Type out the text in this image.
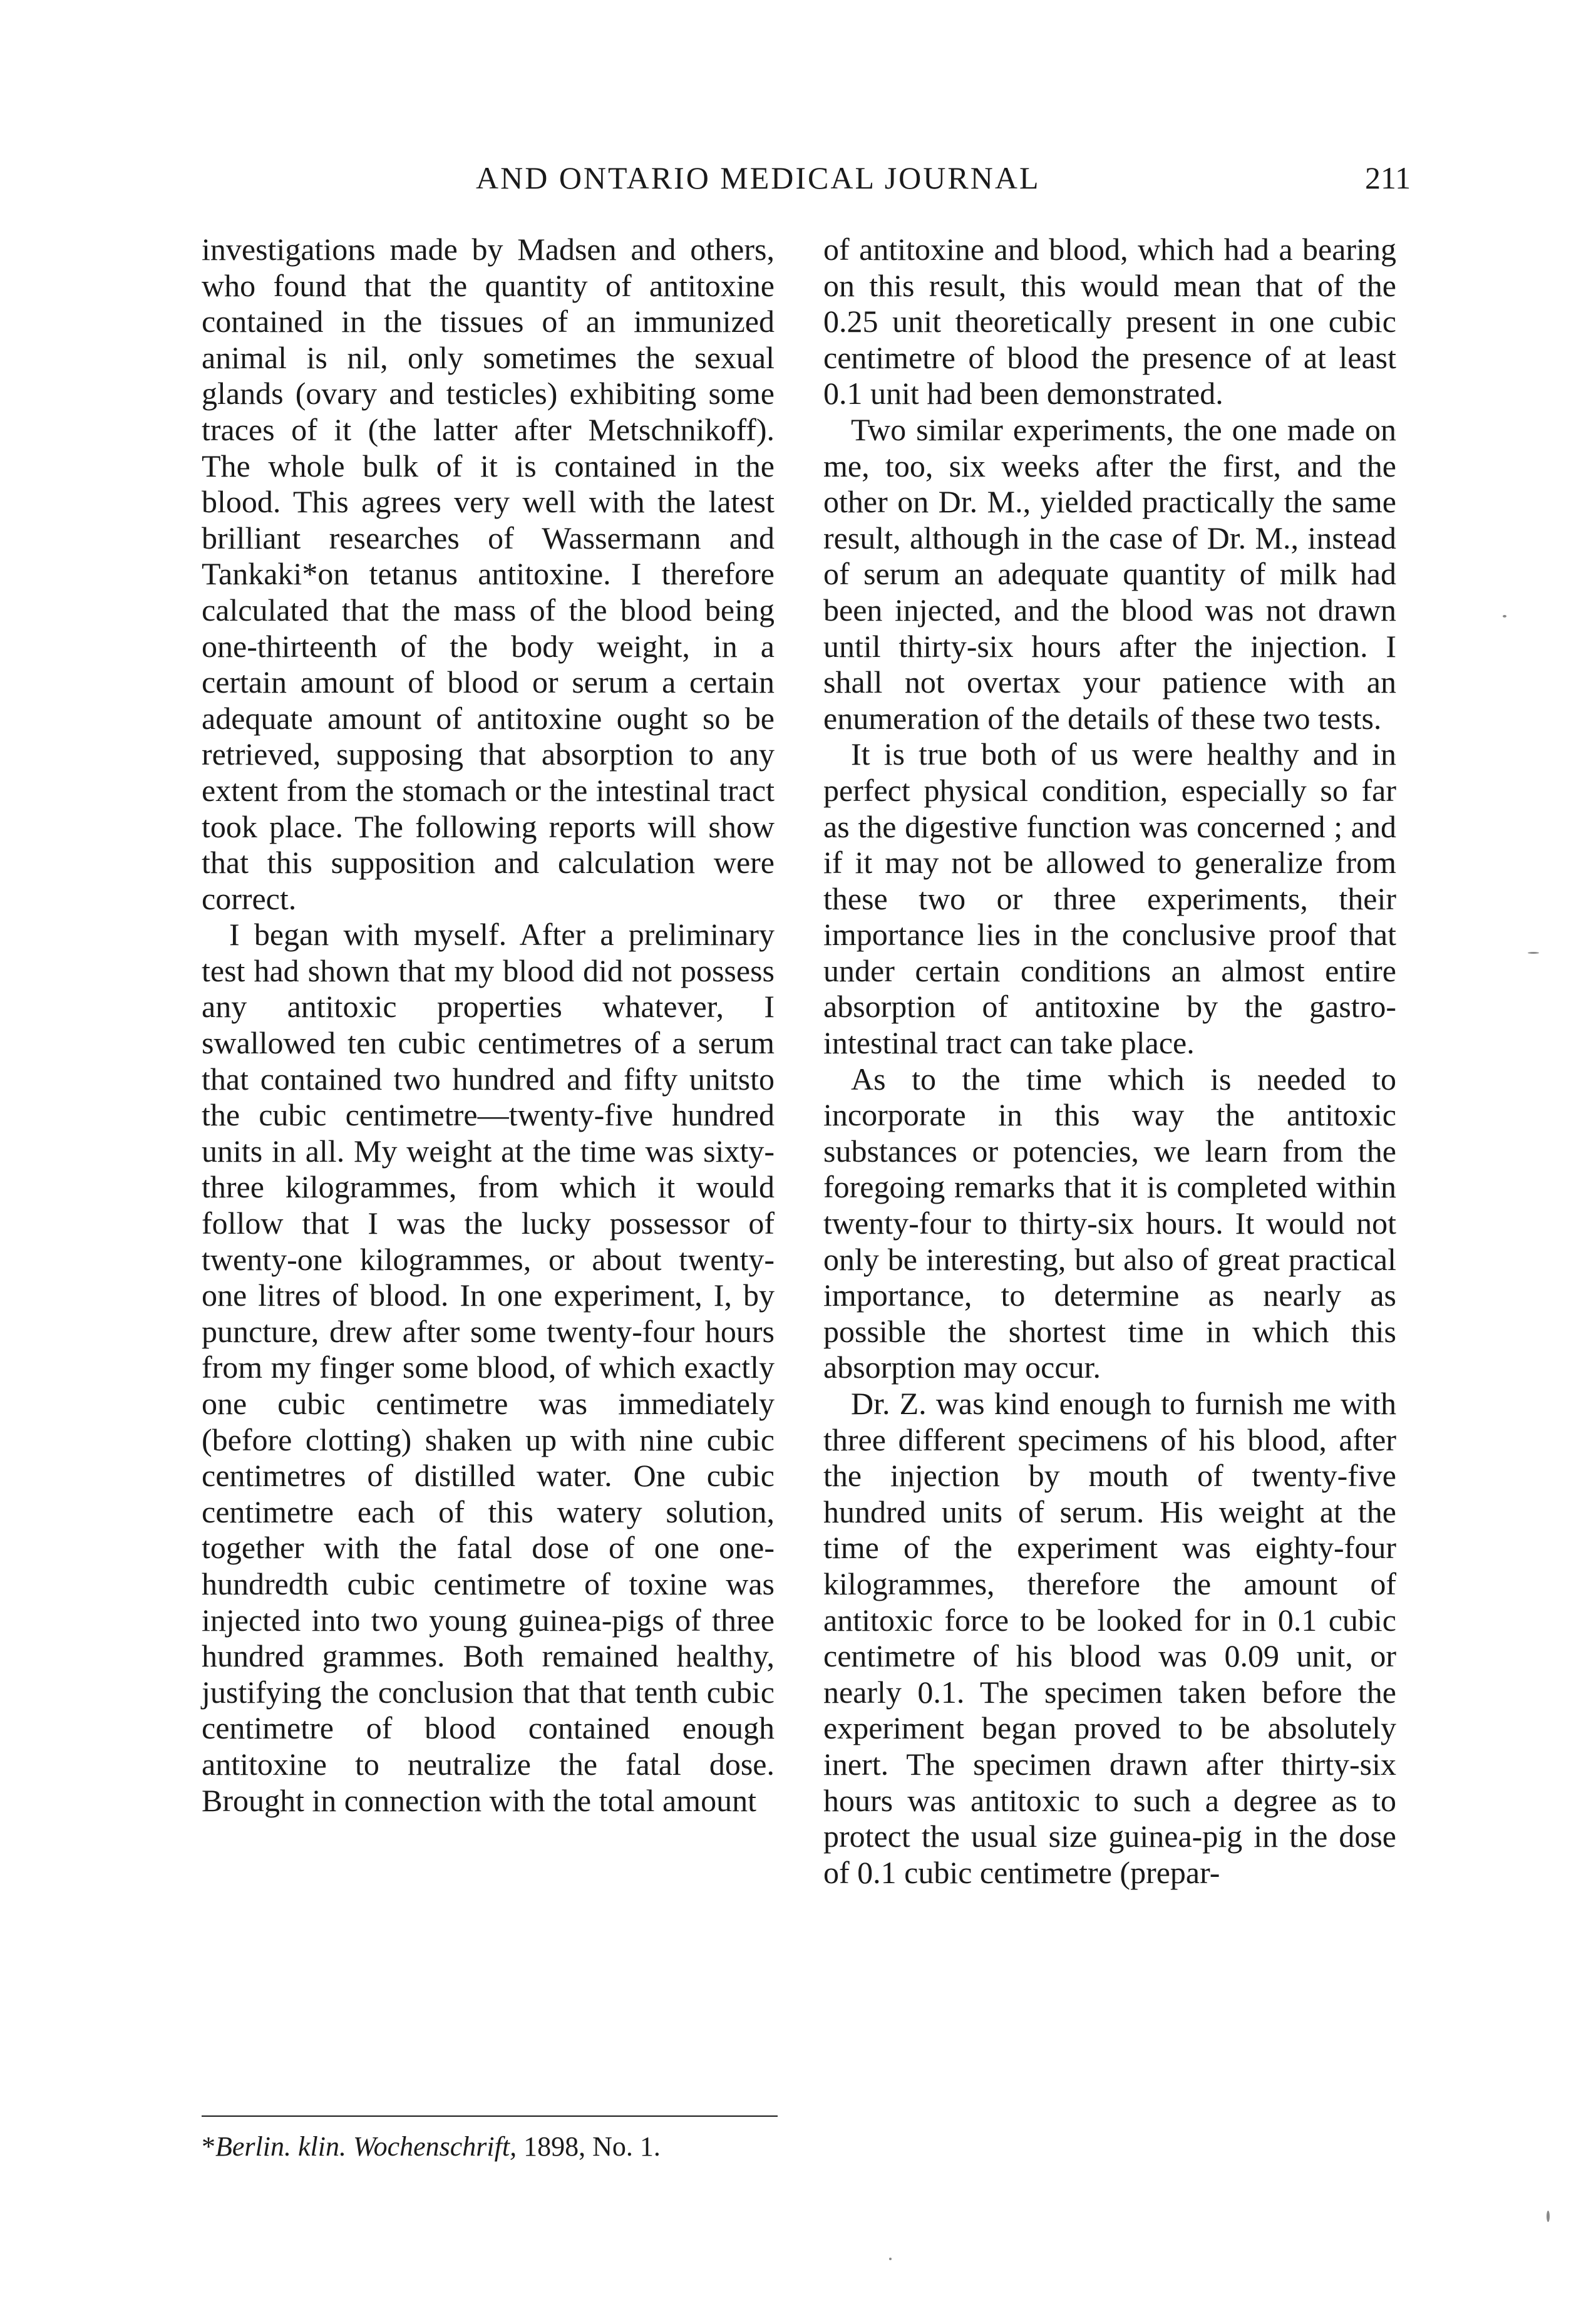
AND ONTARIO MEDICAL JOURNAL	211

investigations made by Madsen and others, who found that the quantity of antitoxine contained in the tissues of an immunized animal is nil, only sometimes the sexual glands (ovary and testicles) exhibiting some traces of it (the latter after Metschnikoff). The whole bulk of it is contained in the blood. This agrees very well with the latest brilliant researches of Wassermann and Tankaki*on tetanus antitoxine. I therefore calculated that the mass of the blood being one-thirteenth of the body weight, in a certain amount of blood or serum a certain adequate amount of antitoxine ought so be retrieved, supposing that absorption to any extent from the stomach or the intestinal tract took place. The following reports will show that this supposition and calculation were correct.

I began with myself. After a preliminary test had shown that my blood did not possess any antitoxic properties whatever, I swallowed ten cubic centimetres of a serum that contained two hundred and fifty unitsto the cubic centimetre—twenty-five hundred units in all. My weight at the time was sixty-three kilogrammes, from which it would follow that I was the lucky possessor of twenty-one kilogrammes, or about twenty-one litres of blood. In one experiment, I, by puncture, drew after some twenty-four hours from my finger some blood, of which exactly one cubic centimetre was immediately (before clotting) shaken up with nine cubic centimetres of distilled water. One cubic centimetre each of this watery solution, together with the fatal dose of one one-hundredth cubic centimetre of toxine was injected into two young guinea-pigs of three hundred grammes. Both remained healthy, justifying the conclusion that that tenth cubic centimetre of blood contained enough antitoxine to neutralize the fatal dose. Brought in connection with the total amount

of antitoxine and blood, which had a bearing on this result, this would mean that of the 0.25 unit theoretically present in one cubic centimetre of blood the presence of at least 0.1 unit had been demonstrated.

Two similar experiments, the one made on me, too, six weeks after the first, and the other on Dr. M., yielded practically the same result, although in the case of Dr. M., instead of serum an adequate quantity of milk had been injected, and the blood was not drawn until thirty-six hours after the injection. I shall not overtax your patience with an enumeration of the details of these two tests.

It is true both of us were healthy and in perfect physical condition, especially so far as the digestive function was concerned ; and if it may not be allowed to generalize from these two or three experiments, their importance lies in the conclusive proof that under certain conditions an almost entire absorption of antitoxine by the gastro-intestinal tract can take place.

As to the time which is needed to incorporate in this way the antitoxic substances or potencies, we learn from the foregoing remarks that it is completed within twenty-four to thirty-six hours. It would not only be interesting, but also of great practical importance, to determine as nearly as possible the shortest time in which this absorption may occur.

Dr. Z. was kind enough to furnish me with three different specimens of his blood, after the injection by mouth of twenty-five hundred units of serum. His weight at the time of the experiment was eighty-four kilogrammes, therefore the amount of antitoxic force to be looked for in 0.1 cubic centimetre of his blood was 0.09 unit, or nearly 0.1. The specimen taken before the experiment began proved to be absolutely inert. The specimen drawn after thirty-six hours was antitoxic to such a degree as to protect the usual size guinea-pig in the dose of 0.1 cubic centimetre (prepar-

*Berlin. klin. Wochenschrift, 1898, No. 1.
